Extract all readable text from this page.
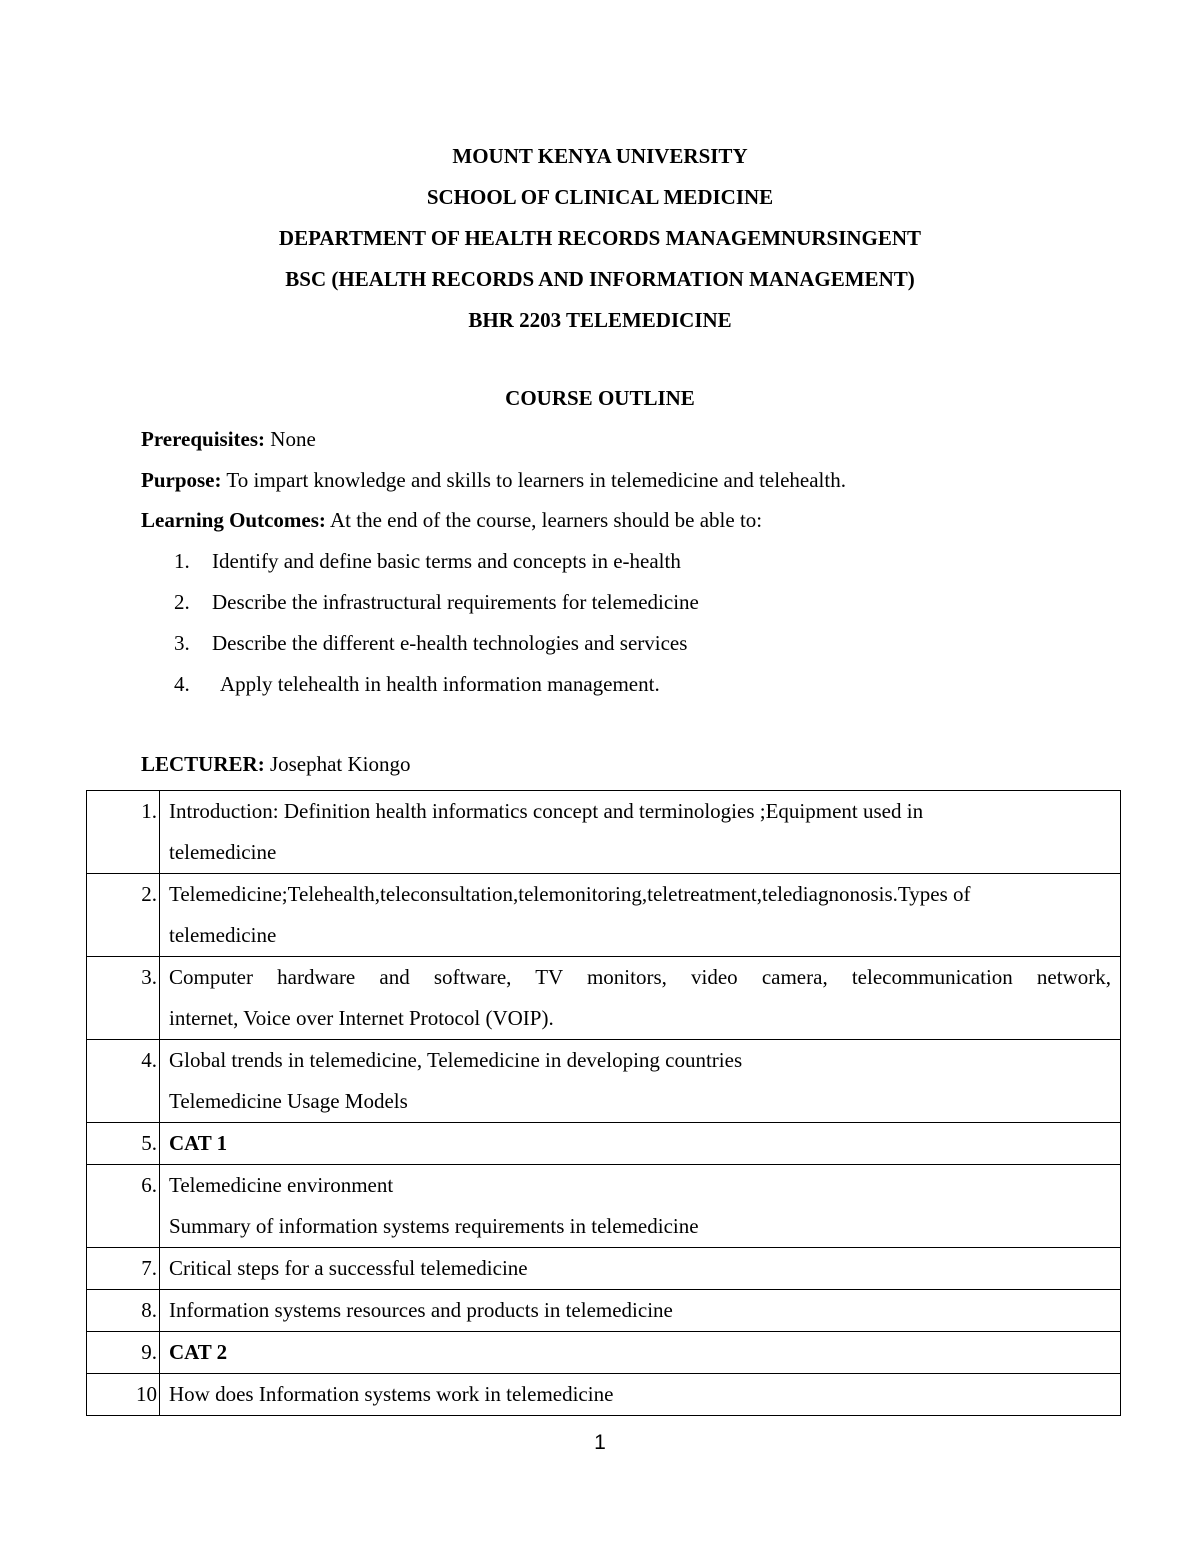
MOUNT KENYA UNIVERSITY
SCHOOL OF CLINICAL MEDICINE
DEPARTMENT OF HEALTH RECORDS MANAGEMNURSINGENT
BSC (HEALTH RECORDS AND INFORMATION MANAGEMENT)
BHR 2203 TELEMEDICINE
COURSE OUTLINE
Prerequisites: None
Purpose: To impart knowledge and skills to learners in telemedicine and telehealth.
Learning Outcomes: At the end of the course, learners should be able to:
1. Identify and define basic terms and concepts in e-health
2. Describe the infrastructural requirements for telemedicine
3. Describe the different e-health technologies and services
4. Apply telehealth in health information management.
LECTURER: Josephat Kiongo
1.	Introduction: Definition health informatics concept and terminologies ;Equipment used in
telemedicine

2.	Telemedicine;Telehealth,teleconsultation,telemonitoring,teletreatment,telediagnonosis.Types of
telemedicine

3.	Computer hardware and software, TV monitors, video camera, telecommunication network,
internet, Voice over Internet Protocol (VOIP).

4.	Global trends in telemedicine, Telemedicine in developing countries
Telemedicine Usage Models

5.	CAT 1

6.	Telemedicine environment
Summary of information systems requirements in telemedicine

7.	Critical steps for a successful telemedicine

8.	Information systems resources and products in telemedicine

9.	CAT 2

10	How does Information systems work in telemedicine
1
